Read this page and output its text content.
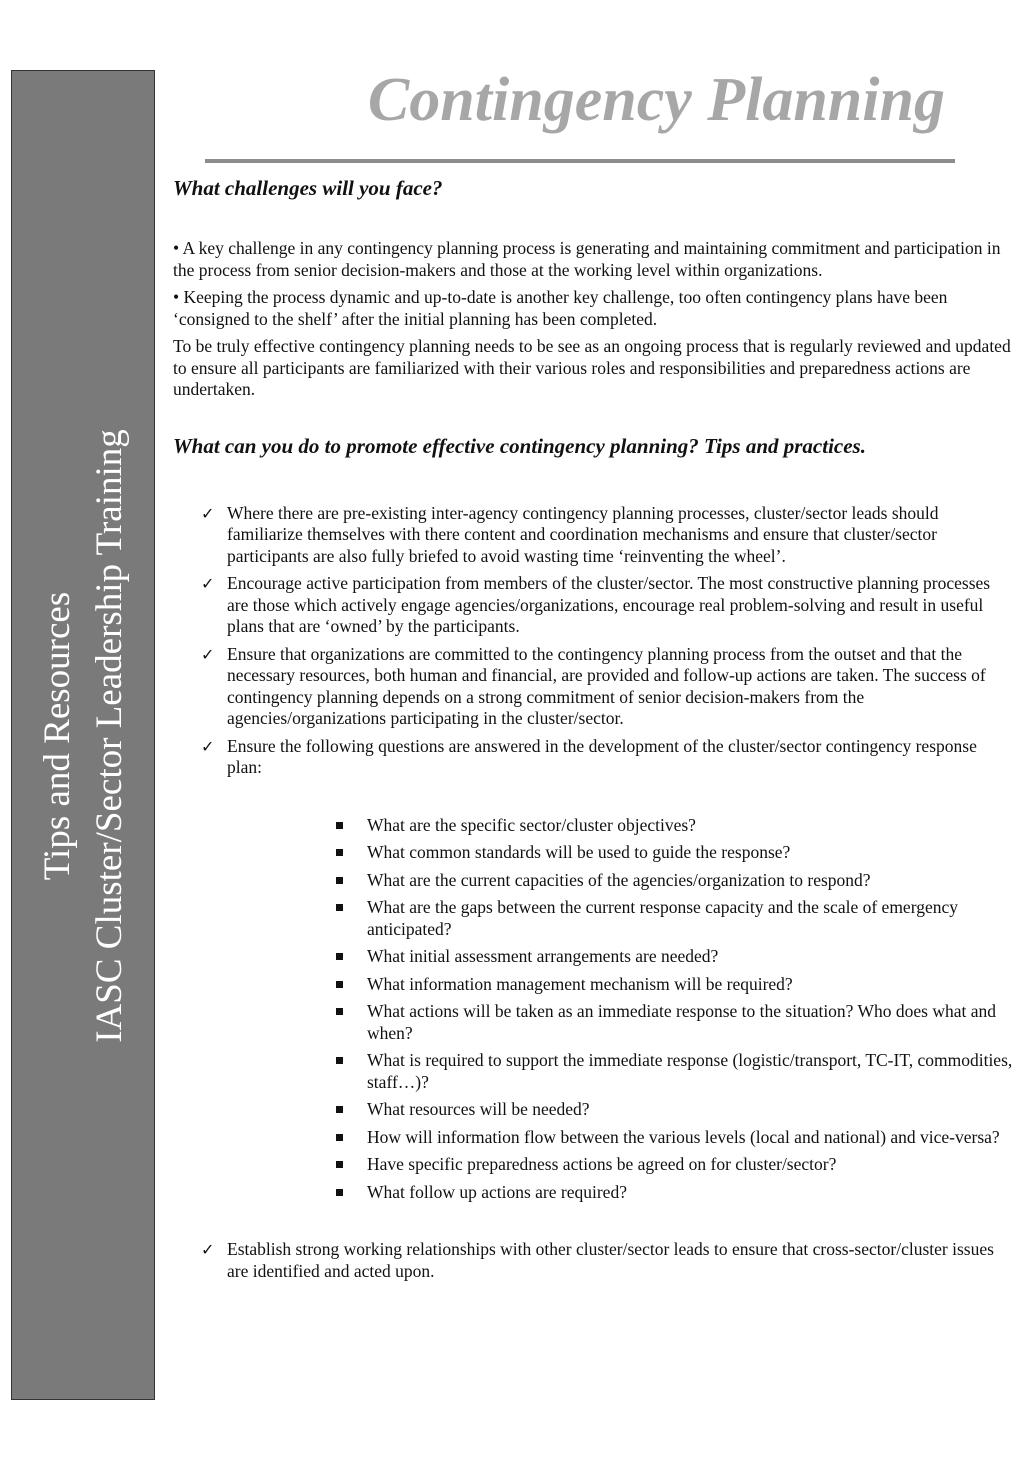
Tips and Resources IASC Cluster/Sector Leadership Training
Contingency Planning
What challenges will you face?

• A key challenge in any contingency planning process is generating and maintaining commitment and participation in the process from senior decision-makers and those at the working level within organizations.

• Keeping the process dynamic and up-to-date is another key challenge, too often contingency plans have been ‘consigned to the shelf’ after the initial planning has been completed.

To be truly effective contingency planning needs to be see as an ongoing process that is regularly reviewed and updated to ensure all participants are familiarized with their various roles and responsibilities and preparedness actions are undertaken.

What can you do to promote effective contingency planning? Tips and practices.
✓ Where there are pre-existing inter-agency contingency planning processes, cluster/sector leads should familiarize themselves with there content and coordination mechanisms and ensure that cluster/sector participants are also fully briefed to avoid wasting time ‘reinventing the wheel’.
✓ Encourage active participation from members of the cluster/sector. The most constructive planning processes are those which actively engage agencies/organizations, encourage real problem-solving and result in useful plans that are ‘owned’ by the participants.
✓ Ensure that organizations are committed to the contingency planning process from the outset and that the necessary resources, both human and financial, are provided and follow-up actions are taken. The success of contingency planning depends on a strong commitment of senior decision-makers from the agencies/organizations participating in the cluster/sector.
✓ Ensure the following questions are answered in the development of the cluster/sector contingency response plan:
What are the specific sector/cluster objectives?
What common standards will be used to guide the response?
What are the current capacities of the agencies/organization to respond?
What are the gaps between the current response capacity and the scale of emergency anticipated?
What initial assessment arrangements are needed?
What information management mechanism will be required?
What actions will be taken as an immediate response to the situation? Who does what and when?
What is required to support the immediate response (logistic/transport, TC-IT, commodities, staff…)?
What resources will be needed?
How will information flow between the various levels (local and national) and vice-versa?
Have specific preparedness actions be agreed on for cluster/sector?
What follow up actions are required?
✓ Establish strong working relationships with other cluster/sector leads to ensure that cross-sector/cluster issues are identified and acted upon.
